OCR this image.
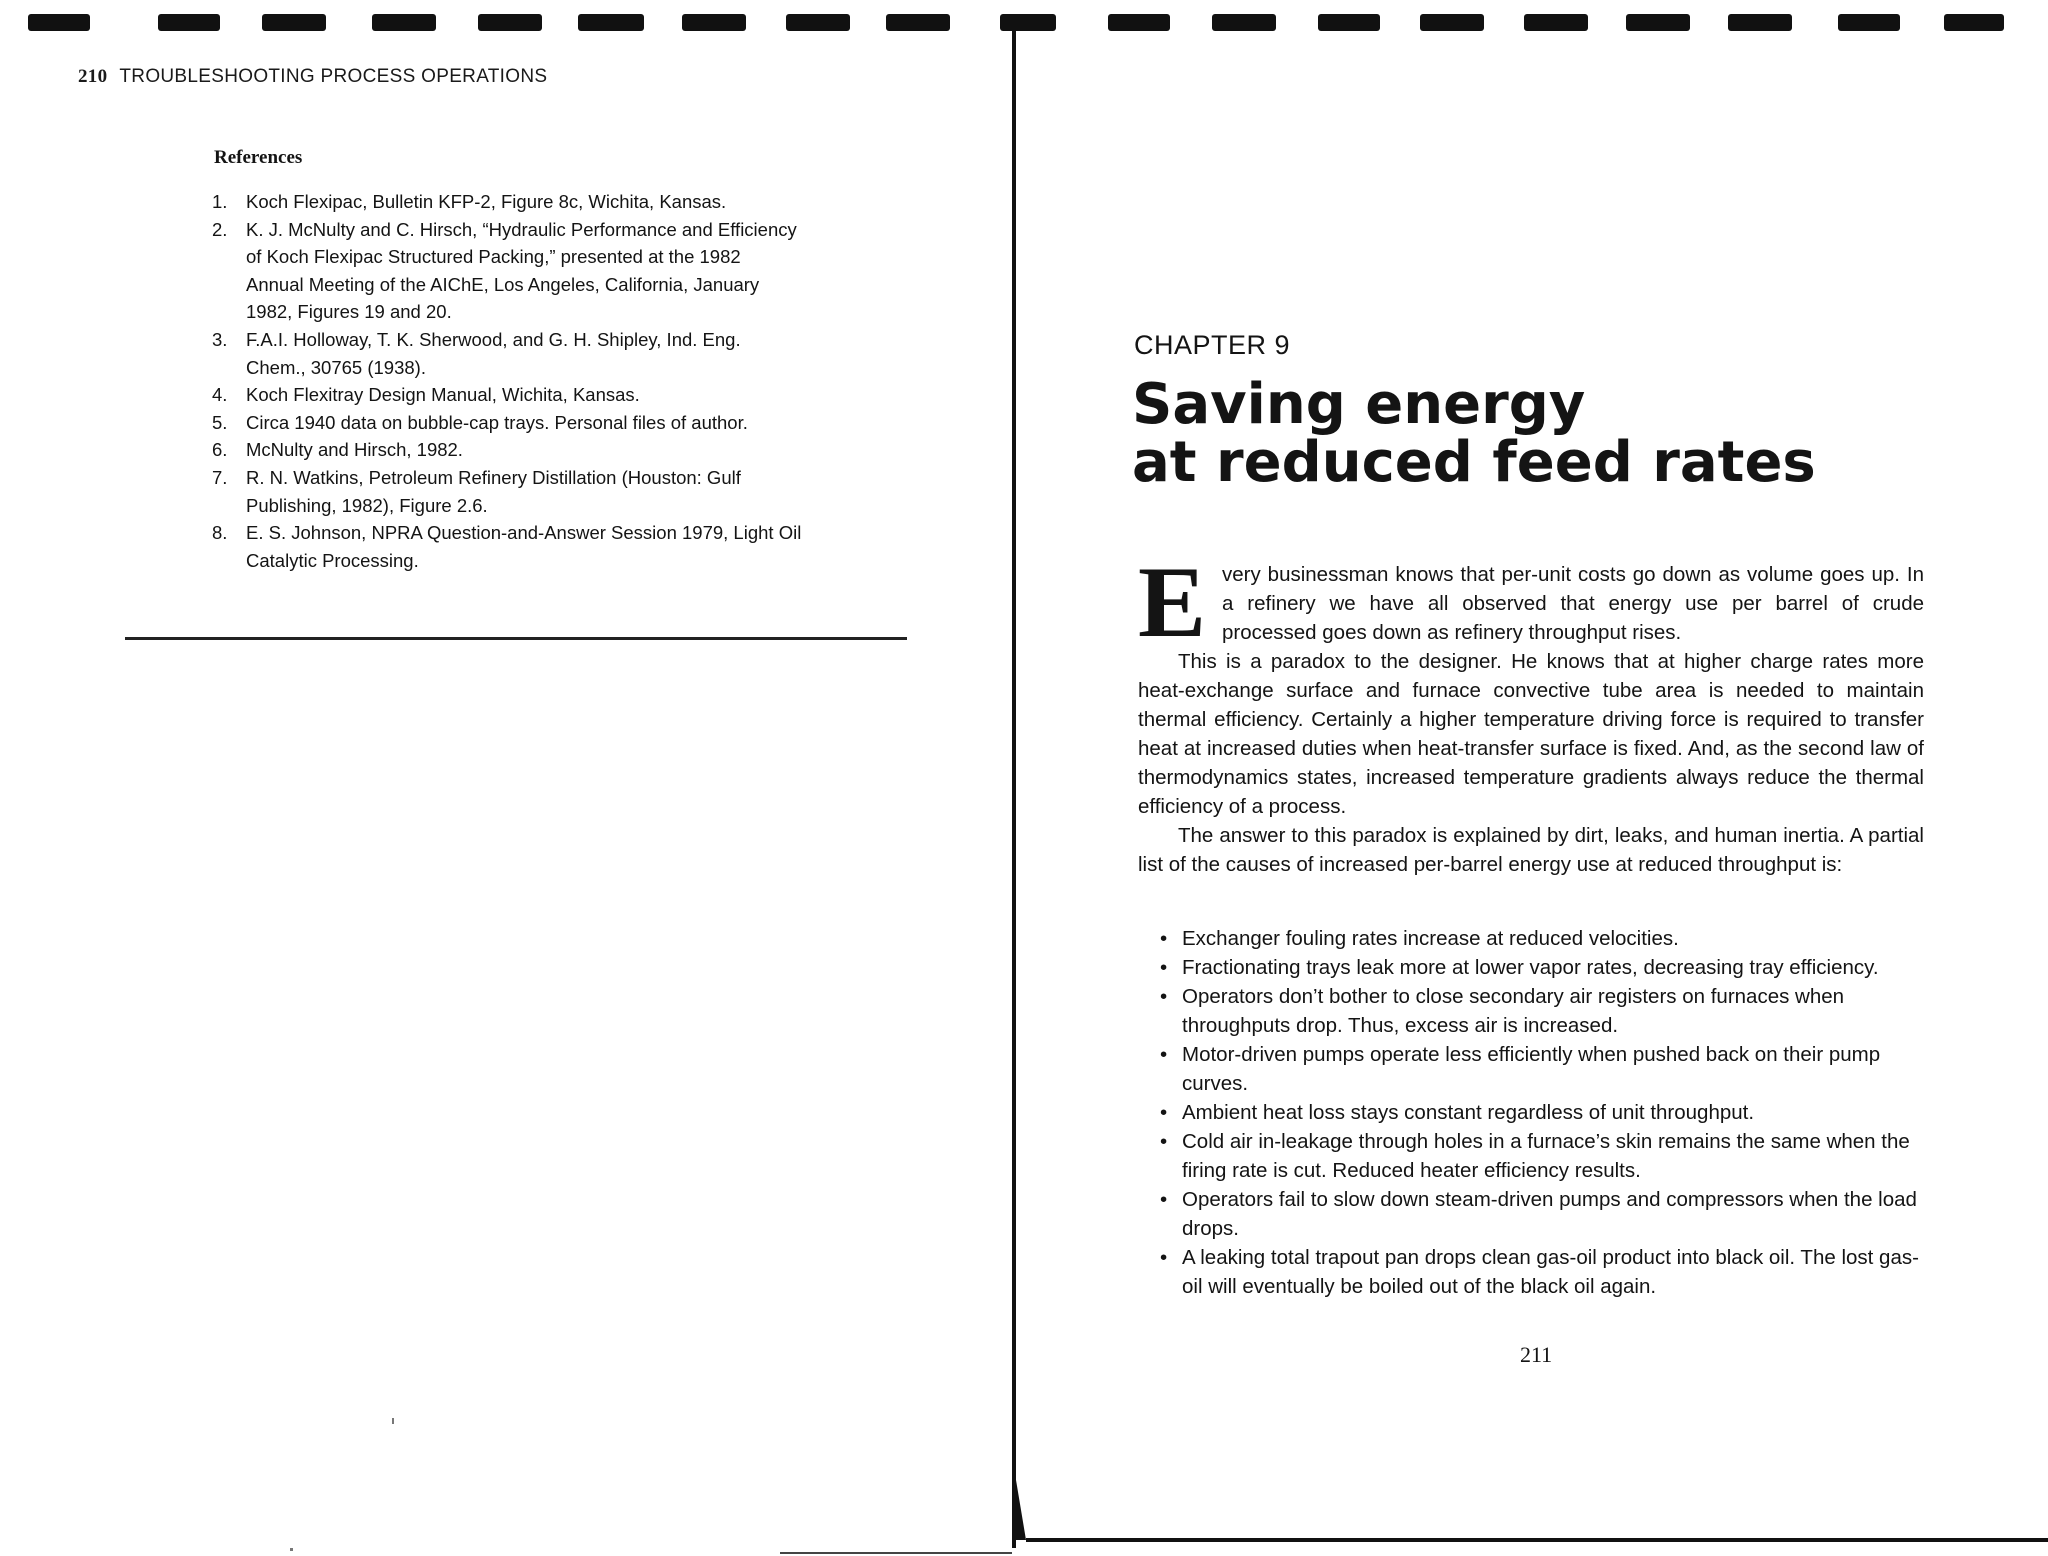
210 TROUBLESHOOTING PROCESS OPERATIONS
References
1. Koch Flexipac, Bulletin KFP-2, Figure 8c, Wichita, Kansas.
2. K. J. McNulty and C. Hirsch, “Hydraulic Performance and Efficiency of Koch Flexipac Structured Packing,” presented at the 1982 Annual Meeting of the AIChE, Los Angeles, California, January 1982, Figures 19 and 20.
3. F.A.I. Holloway, T. K. Sherwood, and G. H. Shipley, Ind. Eng. Chem., 30765 (1938).
4. Koch Flexitray Design Manual, Wichita, Kansas.
5. Circa 1940 data on bubble-cap trays. Personal files of author.
6. McNulty and Hirsch, 1982.
7. R. N. Watkins, Petroleum Refinery Distillation (Houston: Gulf Publishing, 1982), Figure 2.6.
8. E. S. Johnson, NPRA Question-and-Answer Session 1979, Light Oil Catalytic Processing.
CHAPTER 9
Saving energy
at reduced feed rates

Every businessman knows that per-unit costs go down as volume goes up. In a refinery we have all observed that energy use per barrel of crude processed goes down as refinery throughput rises.

This is a paradox to the designer. He knows that at higher charge rates more heat-exchange surface and furnace convective tube area is needed to maintain thermal efficiency. Certainly a higher temperature driving force is required to transfer heat at increased duties when heat-transfer surface is fixed. And, as the second law of thermodynamics states, increased temperature gradients always reduce the thermal efficiency of a process.

The answer to this paradox is explained by dirt, leaks, and human inertia. A partial list of the causes of increased per-barrel energy use at reduced throughput is:

• Exchanger fouling rates increase at reduced velocities.
• Fractionating trays leak more at lower vapor rates, decreasing tray efficiency.
• Operators don’t bother to close secondary air registers on furnaces when throughputs drop. Thus, excess air is increased.
• Motor-driven pumps operate less efficiently when pushed back on their pump curves.
• Ambient heat loss stays constant regardless of unit throughput.
• Cold air in-leakage through holes in a furnace’s skin remains the same when the firing rate is cut. Reduced heater efficiency results.
• Operators fail to slow down steam-driven pumps and compressors when the load drops.
• A leaking total trapout pan drops clean gas-oil product into black oil. The lost gas-oil will eventually be boiled out of the black oil again.
211
